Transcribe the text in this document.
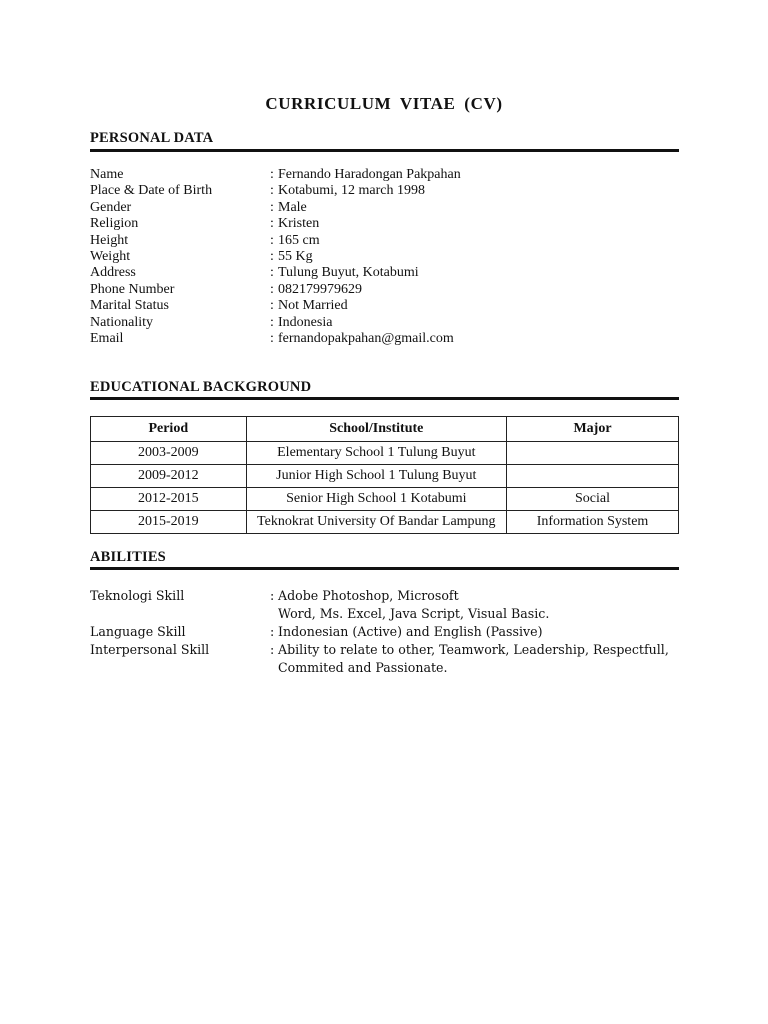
CURRICULUM VITAE (CV)
PERSONAL DATA
Name	: Fernando Haradongan Pakpahan
Place & Date of Birth	: Kotabumi, 12 march 1998
Gender	: Male
Religion	: Kristen
Height	: 165 cm
Weight	: 55 Kg
Address	: Tulung Buyut, Kotabumi
Phone Number	: 082179979629
Marital Status	: Not Married
Nationality	: Indonesia
Email	: fernandopakpahan@gmail.com
EDUCATIONAL BACKGROUND
Period	School/Institute	Major
2003-2009	Elementary School 1 Tulung Buyut	
2009-2012	Junior High School 1 Tulung Buyut	
2012-2015	Senior High School 1 Kotabumi	Social
2015-2019	Teknokrat University Of Bandar Lampung	Information System
ABILITIES
Teknologi Skill	: Adobe Photoshop, Microsoft
Word, Ms. Excel, Java Script, Visual Basic.
Language Skill	: Indonesian (Active) and English (Passive)
Interpersonal Skill	: Ability to relate to other, Teamwork, Leadership, Respectfull,
Commited and Passionate.
